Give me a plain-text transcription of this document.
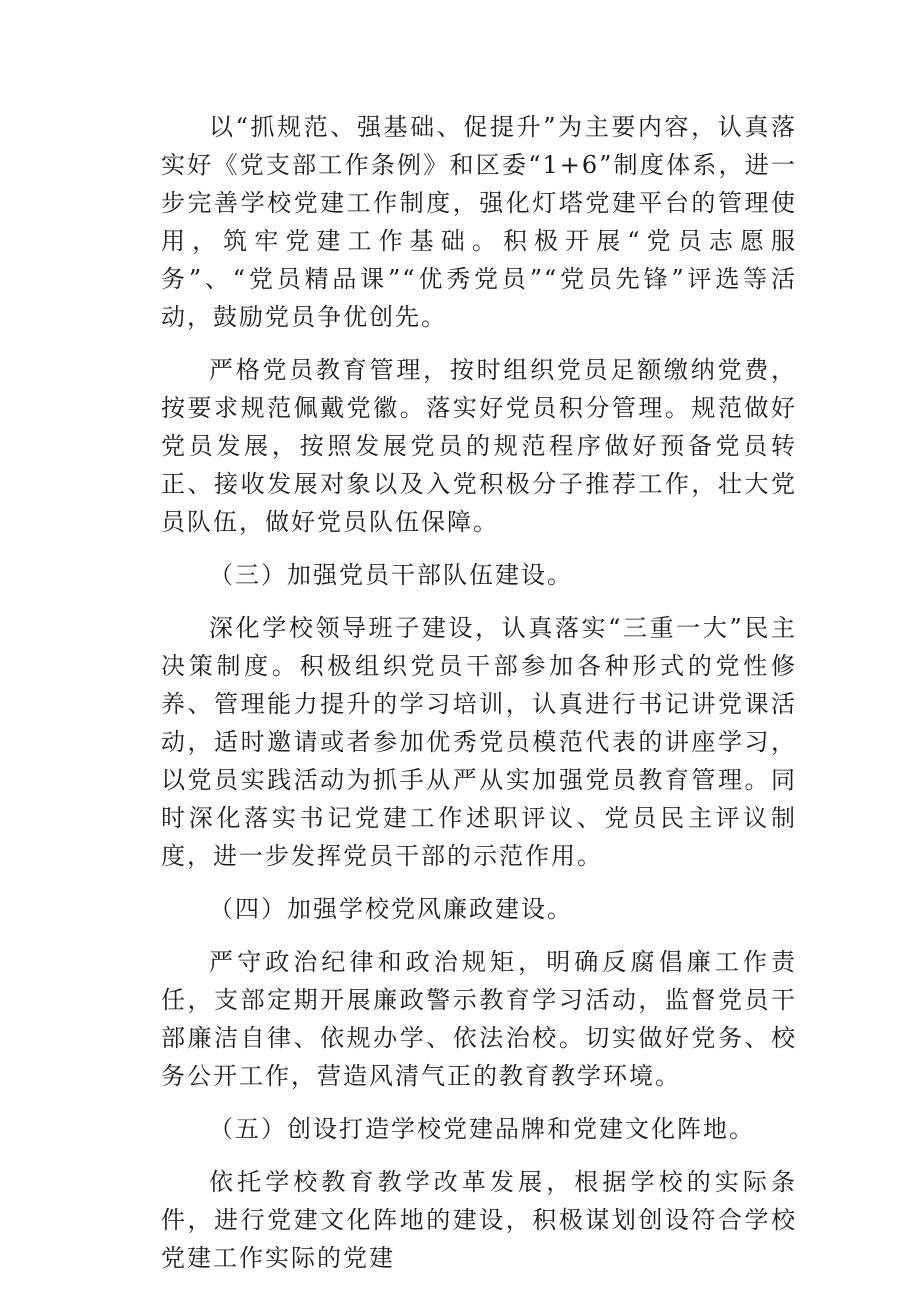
以“抓规范、强基础、促提升”为主要内容，认真落实好《党支部工作条例》和区委“1+6”制度体系，进一步完善学校党建工作制度，强化灯塔党建平台的管理使用，筑牢党建工作基础。积极开展“党员志愿服务”、“党员精品课”“优秀党员”“党员先锋”评选等活动，鼓励党员争优创先。

严格党员教育管理，按时组织党员足额缴纳党费，按要求规范佩戴党徽。落实好党员积分管理。规范做好党员发展，按照发展党员的规范程序做好预备党员转正、接收发展对象以及入党积极分子推荐工作，壮大党员队伍，做好党员队伍保障。

（三）加强党员干部队伍建设。

深化学校领导班子建设，认真落实“三重一大”民主决策制度。积极组织党员干部参加各种形式的党性修养、管理能力提升的学习培训，认真进行书记讲党课活动，适时邀请或者参加优秀党员模范代表的讲座学习，以党员实践活动为抓手从严从实加强党员教育管理。同时深化落实书记党建工作述职评议、党员民主评议制度，进一步发挥党员干部的示范作用。

（四）加强学校党风廉政建设。

严守政治纪律和政治规矩，明确反腐倡廉工作责任，支部定期开展廉政警示教育学习活动，监督党员干部廉洁自律、依规办学、依法治校。切实做好党务、校务公开工作，营造风清气正的教育教学环境。

（五）创设打造学校党建品牌和党建文化阵地。

依托学校教育教学改革发展，根据学校的实际条件，进行党建文化阵地的建设，积极谋划创设符合学校党建工作实际的党建
